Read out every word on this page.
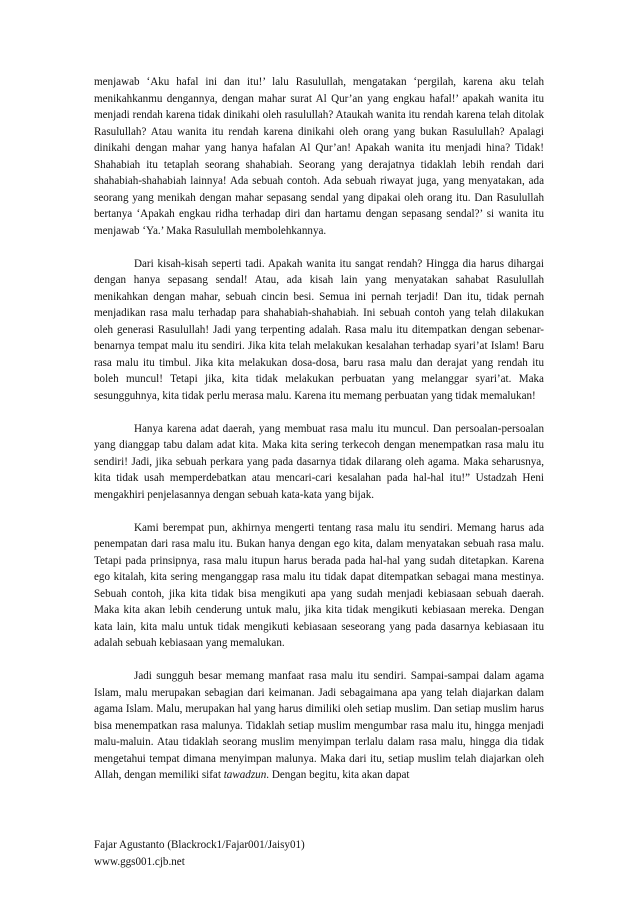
menjawab ‘Aku hafal ini dan itu!’ lalu Rasulullah, mengatakan ‘pergilah, karena aku telah menikahkanmu dengannya, dengan mahar surat Al Qur’an yang engkau hafal!’ apakah wanita itu menjadi rendah karena tidak dinikahi oleh rasulullah? Ataukah wanita itu rendah karena telah ditolak Rasulullah? Atau wanita itu rendah karena dinikahi oleh orang yang bukan Rasulullah? Apalagi dinikahi dengan mahar yang hanya hafalan Al Qur’an! Apakah wanita itu menjadi hina? Tidak! Shahabiah itu tetaplah seorang shahabiah. Seorang yang derajatnya tidaklah lebih rendah dari shahabiah-shahabiah lainnya! Ada sebuah contoh. Ada sebuah riwayat juga, yang menyatakan, ada seorang yang menikah dengan mahar sepasang sendal yang dipakai oleh orang itu. Dan Rasulullah bertanya ‘Apakah engkau ridha terhadap diri dan hartamu dengan sepasang sendal?’ si wanita itu menjawab ‘Ya.’ Maka Rasulullah membolehkannya.

Dari kisah-kisah seperti tadi. Apakah wanita itu sangat rendah? Hingga dia harus dihargai dengan hanya sepasang sendal! Atau, ada kisah lain yang menyatakan sahabat Rasulullah menikahkan dengan mahar, sebuah cincin besi. Semua ini pernah terjadi! Dan itu, tidak pernah menjadikan rasa malu terhadap para shahabiah-shahabiah. Ini sebuah contoh yang telah dilakukan oleh generasi Rasulullah! Jadi yang terpenting adalah. Rasa malu itu ditempatkan dengan sebenar-benarnya tempat malu itu sendiri. Jika kita telah melakukan kesalahan terhadap syari’at Islam! Baru rasa malu itu timbul. Jika kita melakukan dosa-dosa, baru rasa malu dan derajat yang rendah itu boleh muncul! Tetapi jika, kita tidak melakukan perbuatan yang melanggar syari’at. Maka sesungguhnya, kita tidak perlu merasa malu. Karena itu memang perbuatan yang tidak memalukan!

Hanya karena adat daerah, yang membuat rasa malu itu muncul. Dan persoalan-persoalan yang dianggap tabu dalam adat kita. Maka kita sering terkecoh dengan menempatkan rasa malu itu sendiri! Jadi, jika sebuah perkara yang pada dasarnya tidak dilarang oleh agama. Maka seharusnya, kita tidak usah memperdebatkan atau mencari-cari kesalahan pada hal-hal itu!” Ustadzah Heni mengakhiri penjelasannya dengan sebuah kata-kata yang bijak.

Kami berempat pun, akhirnya mengerti tentang rasa malu itu sendiri. Memang harus ada penempatan dari rasa malu itu. Bukan hanya dengan ego kita, dalam menyatakan sebuah rasa malu. Tetapi pada prinsipnya, rasa malu itupun harus berada pada hal-hal yang sudah ditetapkan. Karena ego kitalah, kita sering menganggap rasa malu itu tidak dapat ditempatkan sebagai mana mestinya. Sebuah contoh, jika kita tidak bisa mengikuti apa yang sudah menjadi kebiasaan sebuah daerah. Maka kita akan lebih cenderung untuk malu, jika kita tidak mengikuti kebiasaan mereka. Dengan kata lain, kita malu untuk tidak mengikuti kebiasaan seseorang yang pada dasarnya kebiasaan itu adalah sebuah kebiasaan yang memalukan.

Jadi sungguh besar memang manfaat rasa malu itu sendiri. Sampai-sampai dalam agama Islam, malu merupakan sebagian dari keimanan. Jadi sebagaimana apa yang telah diajarkan dalam agama Islam. Malu, merupakan hal yang harus dimiliki oleh setiap muslim. Dan setiap muslim harus bisa menempatkan rasa malunya. Tidaklah setiap muslim mengumbar rasa malu itu, hingga menjadi malu-maluin. Atau tidaklah seorang muslim menyimpan terlalu dalam rasa malu, hingga dia tidak mengetahui tempat dimana menyimpan malunya. Maka dari itu, setiap muslim telah diajarkan oleh Allah, dengan memiliki sifat tawadzun. Dengan begitu, kita akan dapat

Fajar Agustanto (Blackrock1/Fajar001/Jaisy01)
www.ggs001.cjb.net
